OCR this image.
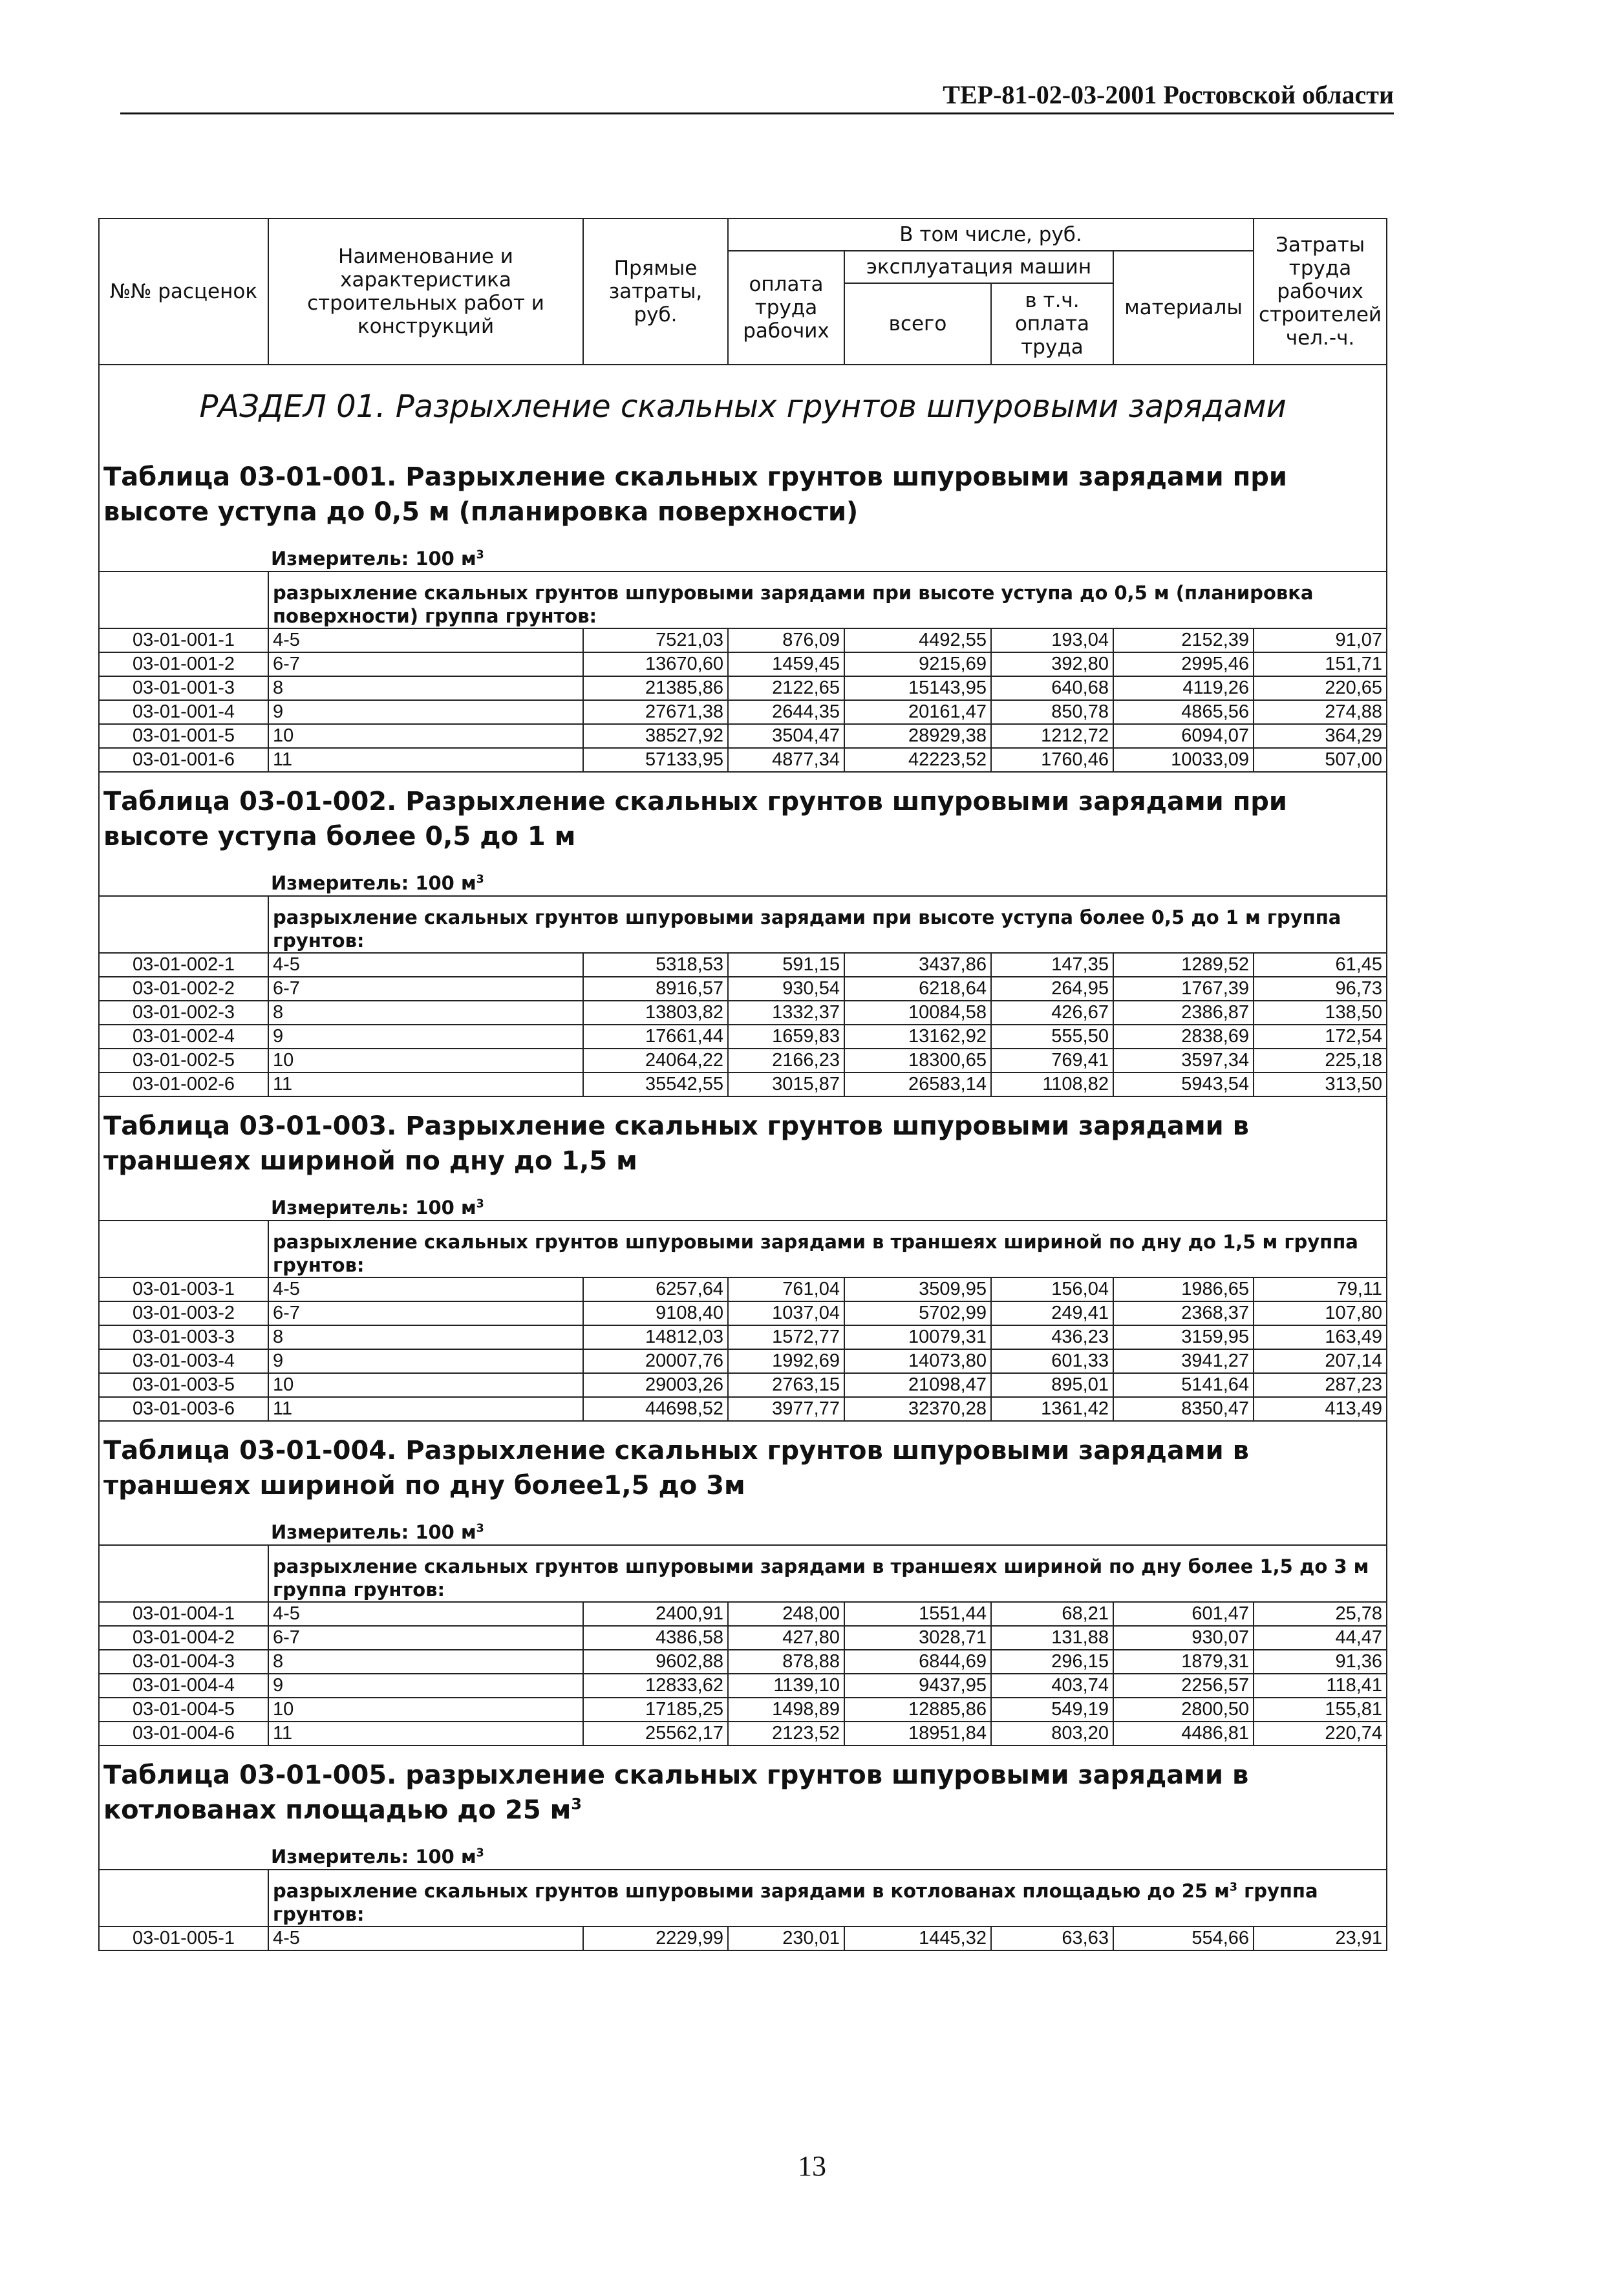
ТЕР-81-02-03-2001 Ростовской области
№№ расценок	Наименование и характеристика строительных работ и конструкций	Прямые затраты, руб.	В том числе, руб.				Затраты труда рабочих строителей чел.-ч.
			оплата труда рабочих	эксплуатация машин		материалы	
				всего	в т.ч. оплата труда		
РАЗДЕЛ 01. Разрыхление скальных грунтов шпуровыми зарядами							
Таблица 03-01-001. Разрыхление скальных грунтов шпуровыми зарядами при высоте уступа до 0,5 м (планировка поверхности)							
	Измеритель: 100 $м^3$
	разрыхление скальных грунтов шпуровыми зарядами при высоте уступа до 0,5 м (планировка поверхности) группа грунтов:						
03-01-001-1	4-5	7521,03	876,09	4492,55	193,04	2152,39	91,07
03-01-001-2	6-7	13670,60	1459,45	9215,69	392,80	2995,46	151,71
03-01-001-3	8	21385,86	2122,65	15143,95	640,68	4119,26	220,65
03-01-001-4	9	27671,38	2644,35	20161,47	850,78	4865,56	274,88
03-01-001-5	10	38527,92	3504,47	28929,38	1212,72	6094,07	364,29
03-01-001-6	11	57133,95	4877,34	42223,52	1760,46	10033,09	507,00
Таблица 03-01-002. Разрыхление скальных грунтов шпуровыми зарядами при высоте уступа более 0,5 до 1 м							
	Измеритель: 100 $м^3$
	разрыхление скальных грунтов шпуровыми зарядами при высоте уступа более 0,5 до 1 м группа грунтов:						
03-01-002-1	4-5	5318,53	591,15	3437,86	147,35	1289,52	61,45
03-01-002-2	6-7	8916,57	930,54	6218,64	264,95	1767,39	96,73
03-01-002-3	8	13803,82	1332,37	10084,58	426,67	2386,87	138,50
03-01-002-4	9	17661,44	1659,83	13162,92	555,50	2838,69	172,54
03-01-002-5	10	24064,22	2166,23	18300,65	769,41	3597,34	225,18
03-01-002-6	11	35542,55	3015,87	26583,14	1108,82	5943,54	313,50
Таблица 03-01-003. Разрыхление скальных грунтов шпуровыми зарядами в траншеях шириной по дну до 1,5 м							
	Измеритель: 100 $м^3$
	разрыхление скальных грунтов шпуровыми зарядами в траншеях шириной по дну до 1,5 м группа грунтов:						
03-01-003-1	4-5	6257,64	761,04	3509,95	156,04	1986,65	79,11
03-01-003-2	6-7	9108,40	1037,04	5702,99	249,41	2368,37	107,80
03-01-003-3	8	14812,03	1572,77	10079,31	436,23	3159,95	163,49
03-01-003-4	9	20007,76	1992,69	14073,80	601,33	3941,27	207,14
03-01-003-5	10	29003,26	2763,15	21098,47	895,01	5141,64	287,23
03-01-003-6	11	44698,52	3977,77	32370,28	1361,42	8350,47	413,49
Таблица 03-01-004. Разрыхление скальных грунтов шпуровыми зарядами в траншеях шириной по дну более1,5 до 3м							
	Измеритель: 100 $м^3$
	разрыхление скальных грунтов шпуровыми зарядами в траншеях шириной по дну более 1,5 до 3 м группа грунтов:						
03-01-004-1	4-5	2400,91	248,00	1551,44	68,21	601,47	25,78
03-01-004-2	6-7	4386,58	427,80	3028,71	131,88	930,07	44,47
03-01-004-3	8	9602,88	878,88	6844,69	296,15	1879,31	91,36
03-01-004-4	9	12833,62	1139,10	9437,95	403,74	2256,57	118,41
03-01-004-5	10	17185,25	1498,89	12885,86	549,19	2800,50	155,81
03-01-004-6	11	25562,17	2123,52	18951,84	803,20	4486,81	220,74
Таблица 03-01-005. разрыхление скальных грунтов шпуровыми зарядами в котлованах площадью до 25 $м^3$
	Измеритель: 100 $м^3$
	разрыхление скальных грунтов шпуровыми зарядами в котлованах площадью до 25 $м^3$ группа грунтов:						
03-01-005-1	4-5	2229,99	230,01	1445,32	63,63	554,66	23,91
13
